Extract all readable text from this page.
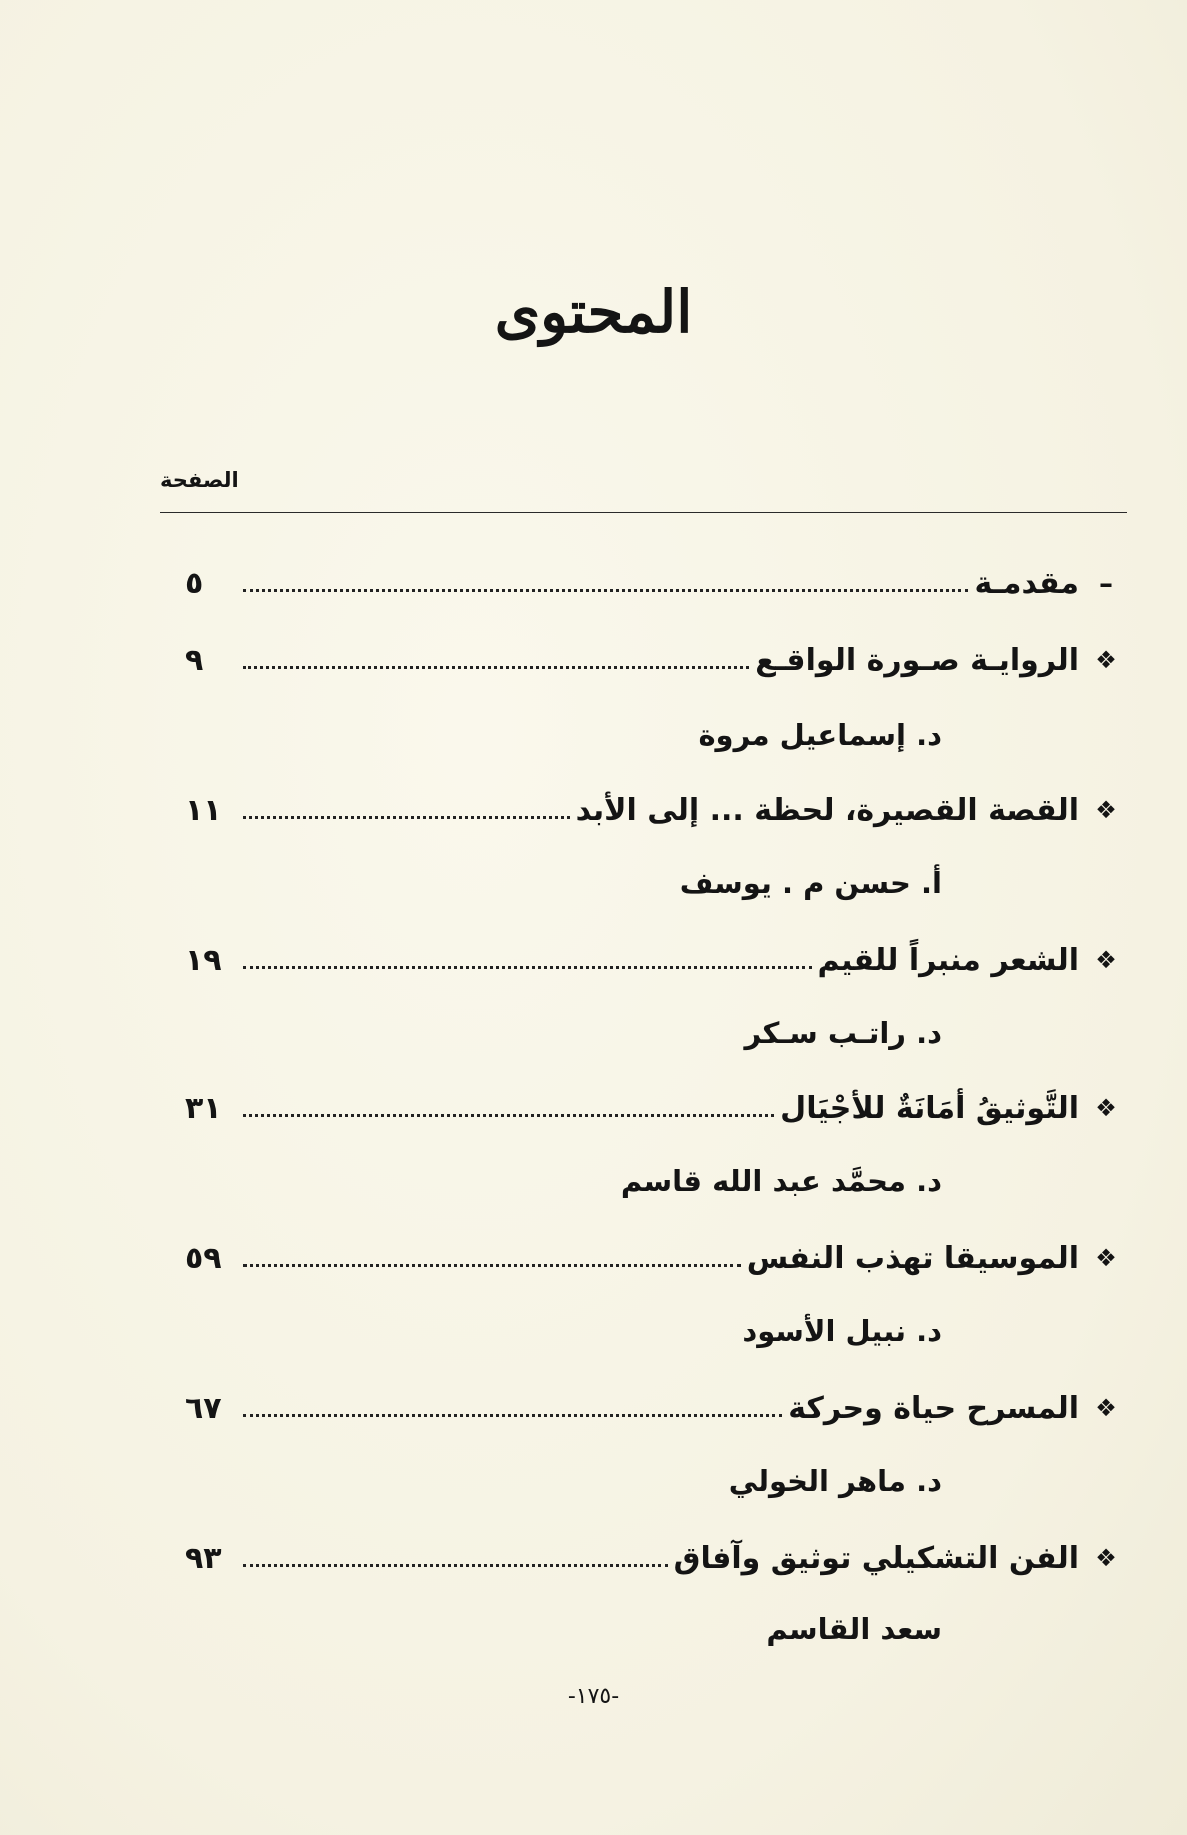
المحتوى
الصفحة
–
مقدمـة
٥
❖
الروايـة صـورة الواقـع
٩
د. إسماعيل مروة
❖
القصة القصيرة، لحظة ... إلى الأبد
١١
أ. حسن م . يوسف
❖
الشعر منبراً للقيم
١٩
د. راتـب سـكر
❖
التَّوثيقُ أمَانَةٌ للأجْيَال
٣١
د. محمَّد عبد الله قاسم
❖
الموسيقا تهذب النفس
٥٩
د. نبيل الأسود
❖
المسرح حياة وحركة
٦٧
د. ماهر الخولي
❖
الفن التشكيلي توثيق وآفاق
٩٣
سعد القاسم
-١٧٥-
